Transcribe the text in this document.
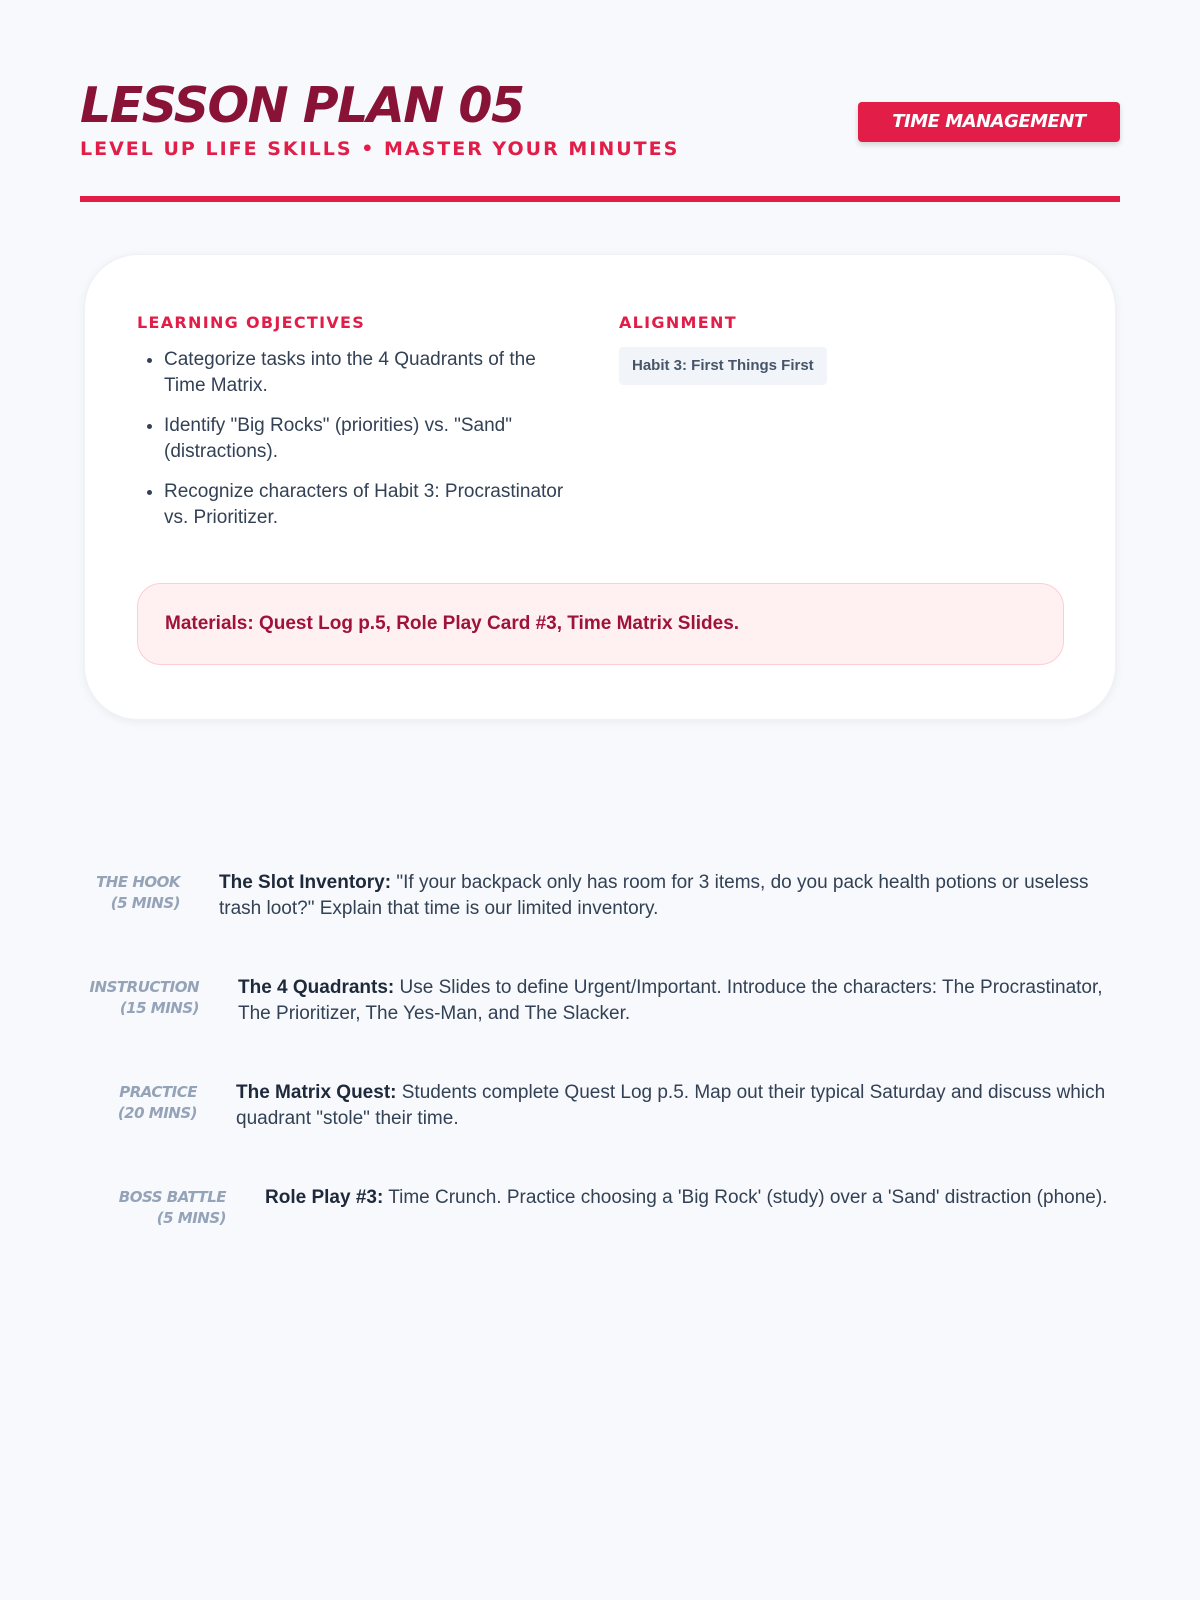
LESSON PLAN 05
LEVEL UP LIFE SKILLS • MASTER YOUR MINUTES
TIME MANAGEMENT
LEARNING OBJECTIVES
• Categorize tasks into the 4 Quadrants of the Time Matrix.
• Identify "Big Rocks" (priorities) vs. "Sand" (distractions).
• Recognize characters of Habit 3: Procrastinator vs. Prioritizer.
ALIGNMENT
Habit 3: First Things First
Materials: Quest Log p.5, Role Play Card #3, Time Matrix Slides.
THE HOOK
(5 MINS)
The Slot Inventory: "If your backpack only has room for 3 items, do you pack health potions or useless trash loot?" Explain that time is our limited inventory.
INSTRUCTION
(15 MINS)
The 4 Quadrants: Use Slides to define Urgent/Important. Introduce the characters: The Procrastinator, The Prioritizer, The Yes-Man, and The Slacker.
PRACTICE
(20 MINS)
The Matrix Quest: Students complete Quest Log p.5. Map out their typical Saturday and discuss which quadrant "stole" their time.
BOSS BATTLE
(5 MINS)
Role Play #3: Time Crunch. Practice choosing a 'Big Rock' (study) over a 'Sand' distraction (phone).
